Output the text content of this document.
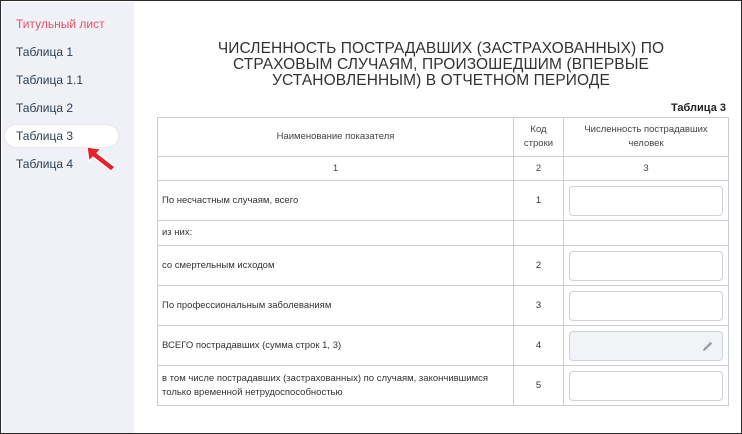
Титульный лист
Таблица 1
Таблица 1.1
Таблица 2
Таблица 3
Таблица 4
ЧИСЛЕННОСТЬ ПОСТРАДАВШИХ (ЗАСТРАХОВАННЫХ) ПО СТРАХОВЫМ СЛУЧАЯМ, ПРОИЗОШЕДШИМ (ВПЕРВЫЕ УСТАНОВЛЕННЫМ) В ОТЧЕТНОМ ПЕРИОДЕ
Таблица 3
Наименование показателя	Код строки	Численность пострадавших человек
1	2	3
По несчастным случаям, всего	1	

из них:		
со смертельным исходом	2	

По профессиональным заболеваниям	3	

ВСЕГО пострадавших (сумма строк 1, 3)	4	

в том числе пострадавших (застрахованных) по случаям, закончившимся только временной нетрудоспособностью	5	
